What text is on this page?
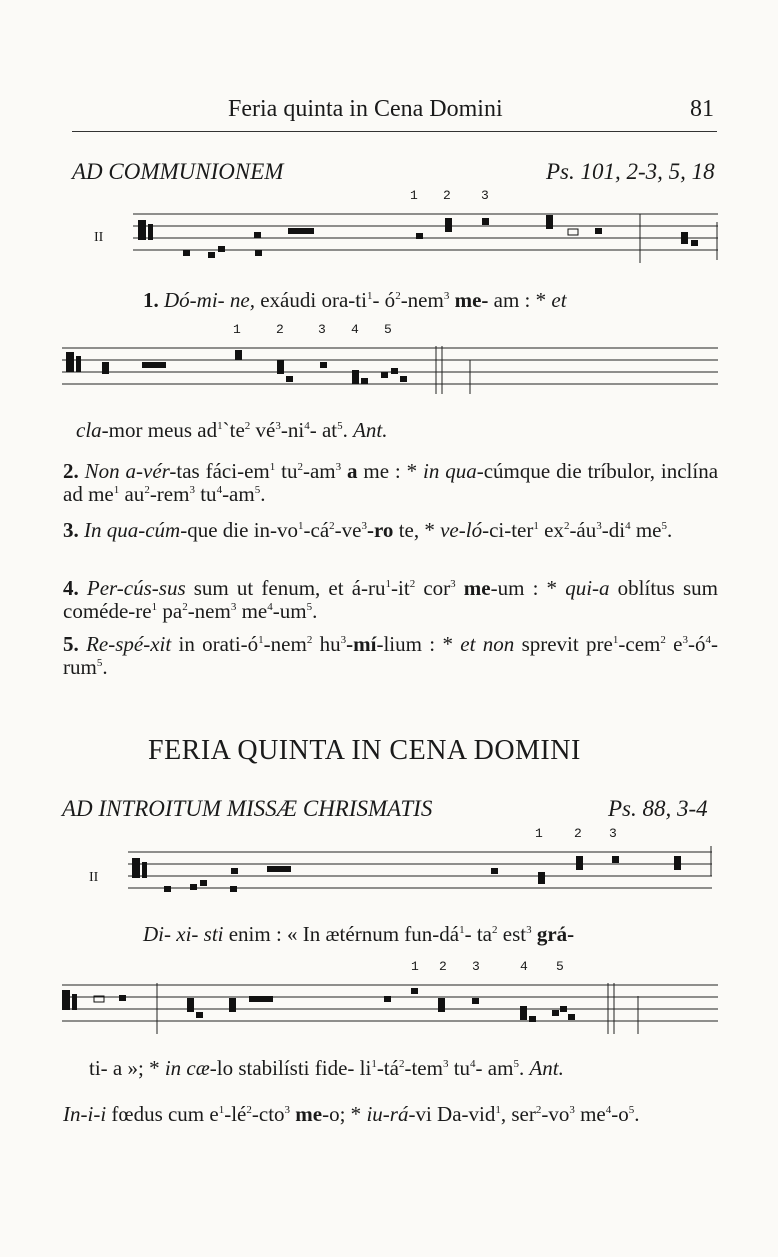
Feria quinta in Cena Domini	81
AD COMMUNIONEM	Ps. 101, 2-3, 5, 18
1 2 3
II
1. Dó-mi- ne, exáudi ora-$ti^1-$ $ó^2-nem^3$ me- am : * et
1	2	3 4 5
cla-mor meus $ad^1`te^2$ $vé^3-ni^4-$ $at^5$. Ant.
2. Non a-vér-tas fáci-$em^1$ $tu^2-am^3$ a me : * in qua-cúmque die tríbulor, inclína ad $me^1$ $au^2-rem^3$ $tu^4-am^5$.
3. In qua-cúm-que die $in-vo^1-cá^2-ve^3-ro$ te, * ve-ló-ci-ter$^1$ $ex^2-áu^3-di^4$ $me^5$.
4. Per-cús-sus sum ut fenum, et $á-ru^1-it^2$ cor$^3$ me-um : * qui-a oblítus sum coméde-$re^1$ $pa^2-nem^3$ $me^4-um^5$.
5. Re-spé-xit in orati-$ó^1-nem^2$ $hu^3-mí$-lium : * et non sprevit pre$^1$-cem$^2$ $e^3-ó^4-rum^5$.
FERIA QUINTA IN CENA DOMINI
AD INTROITUM MISSÆ CHRISMATIS	Ps. 88, 3-4
1 2 3
II
Di- xi- sti enim : « In ætérnum fun-$dá^1-$ $ta^2$ est$^3$ grá-
1 2 3	4 5
ti- a »; * in cæ-lo stabilísti fide- $li^1-tá^2-tem^3$ $tu^4-$ $am^5$. Ant.
In-i-i fœdus cum $e^1-lé^2-cto^3$ me-o; * iu-rá-vi Da-vid$^1$, $ser^2-vo^3$ $me^4-o^5$.
